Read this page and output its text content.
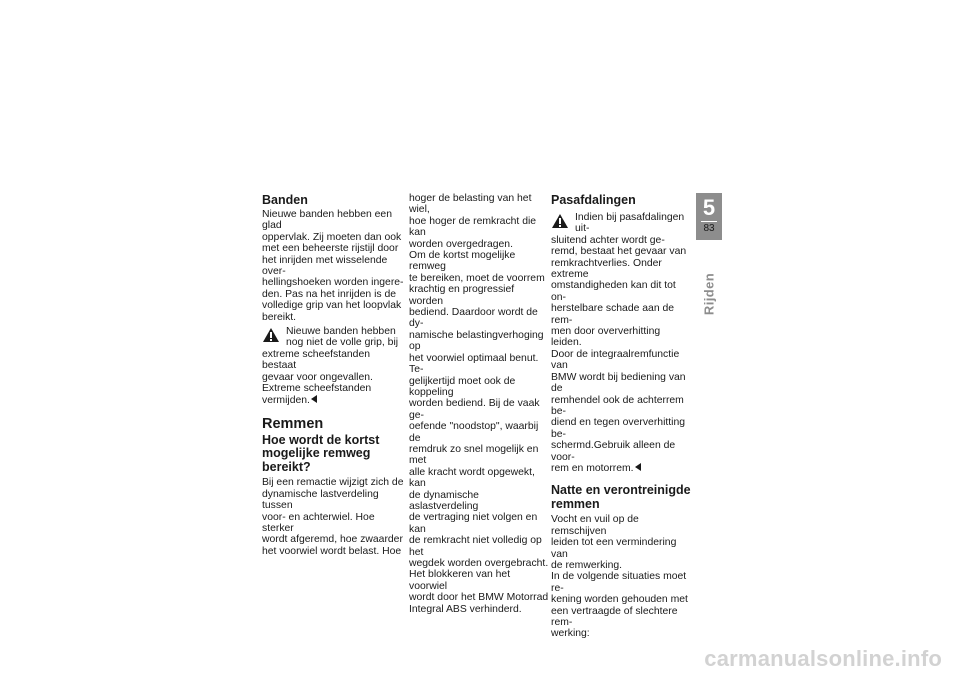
Banden

Nieuwe banden hebben een glad
oppervlak. Zij moeten dan ook
met een beheerste rijstijl door
het inrijden met wisselende over-
hellingshoeken worden ingere-
den. Pas na het inrijden is de
volledige grip van het loopvlak
bereikt.

Nieuwe banden hebben
nog niet de volle grip, bij
extreme scheefstanden bestaat
gevaar voor ongevallen.
Extreme scheefstanden
vermijden.

Remmen

Hoe wordt de kortst
mogelijke remweg
bereikt?

Bij een remactie wijzigt zich de
dynamische lastverdeling tussen
voor- en achterwiel. Hoe sterker
wordt afgeremd, hoe zwaarder
het voorwiel wordt belast. Hoe

hoger de belasting van het wiel,
hoe hoger de remkracht die kan
worden overgedragen.
Om de kortst mogelijke remweg
te bereiken, moet de voorrem
krachtig en progressief worden
bediend. Daardoor wordt de dy-
namische belastingverhoging op
het voorwiel optimaal benut. Te-
gelijkertijd moet ook de koppeling
worden bediend. Bij de vaak ge-
oefende "noodstop", waarbij de
remdruk zo snel mogelijk en met
alle kracht wordt opgewekt, kan
de dynamische aslastverdeling
de vertraging niet volgen en kan
de remkracht niet volledig op het
wegdek worden overgebracht.
Het blokkeren van het voorwiel
wordt door het BMW Motorrad
Integral ABS verhinderd.

Pasafdalingen

Indien bij pasafdalingen uit-
sluitend achter wordt ge-
remd, bestaat het gevaar van
remkrachtverlies. Onder extreme
omstandigheden kan dit tot on-
herstelbare schade aan de rem-
men door oververhitting leiden.
Door de integraalremfunctie van
BMW wordt bij bediening van de
remhendel ook de achterrem be-
diend en tegen oververhitting be-
schermd.Gebruik alleen de voor-
rem en motorrem.

Natte en verontreinigde
remmen

Vocht en vuil op de remschijven
leiden tot een vermindering van
de remwerking.
In de volgende situaties moet re-
kening worden gehouden met
een vertraagde of slechtere rem-
werking:

5
83
Rijden
carmanualsonline.info
